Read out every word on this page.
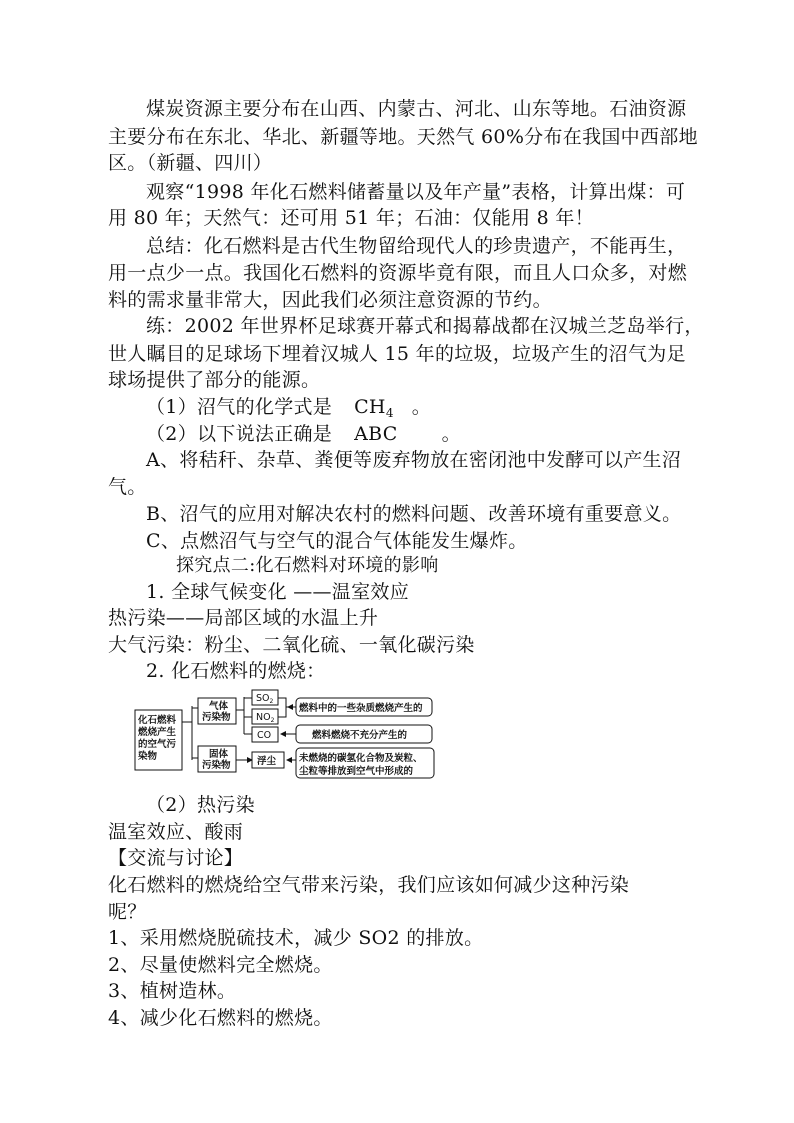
煤炭资源主要分布在山西、内蒙古、河北、山东等地。石油资源
主要分布在东北、华北、新疆等地。天然气 60%分布在我国中西部地
区。（新疆、四川）
观察“1998 年化石燃料储蓄量以及年产量”表格，计算出煤：可
用 80 年；天然气：还可用 51 年；石油：仅能用 8 年！
总结：化石燃料是古代生物留给现代人的珍贵遗产，不能再生，
用一点少一点。我国化石燃料的资源毕竟有限，而且人口众多，对燃
料的需求量非常大，因此我们必须注意资源的节约。
练：2002 年世界杯足球赛开幕式和揭幕战都在汉城兰芝岛举行，
世人瞩目的足球场下埋着汉城人 15 年的垃圾，垃圾产生的沼气为足
球场提供了部分的能源。
（1）沼气的化学式是 $CH_4$ 。
（2）以下说法正确是 ABC 。
A、将秸秆、杂草、粪便等废弃物放在密闭池中发酵可以产生沼
气。
B、沼气的应用对解决农村的燃料问题、改善环境有重要意义。
C、点燃沼气与空气的混合气体能发生爆炸。
探究点二:化石燃料对环境的影响
1. 全球气候变化 ——温室效应
热污染——局部区域的水温上升
大气污染：粉尘、二氧化硫、一氧化碳污染
2. 化石燃料的燃烧：
化石燃料
燃烧产生
的空气污
染物
气体
污染物
固体
污染物
$SO_2$
$NO_2$
CO
浮尘
燃料中的一些杂质燃烧产生的
燃料燃烧不充分产生的
未燃烧的碳氢化合物及炭粒、
尘粒等排放到空气中形成的
（2）热污染
温室效应、酸雨
【交流与讨论】
化石燃料的燃烧给空气带来污染，我们应该如何减少这种污染
呢？
1、采用燃烧脱硫技术，减少 SO2 的排放。
2、尽量使燃料完全燃烧。
3、植树造林。
4、减少化石燃料的燃烧。
